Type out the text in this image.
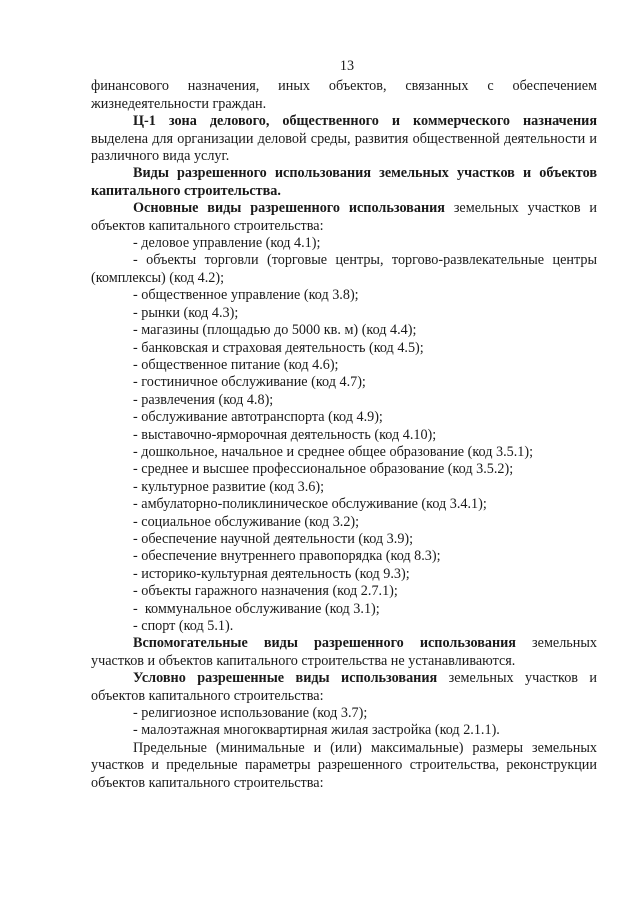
13

финансового назначения, иных объектов, связанных с обеспечением

жизнедеятельности граждан.

Ц-1 зона делового, общественного и коммерческого назначения выделена для организации деловой среды, развития общественной деятельности и различного вида услуг.

Виды разрешенного использования земельных участков и объектов капитального строительства.

Основные виды разрешенного использования земельных участков и объектов капитального строительства:

- деловое управление (код 4.1);

- объекты торговли (торговые центры, торгово-развлекательные центры (комплексы) (код 4.2);

- общественное управление (код 3.8);

- рынки (код 4.3);

- магазины (площадью до 5000 кв. м) (код 4.4);

- банковская и страховая деятельность (код 4.5);

- общественное питание (код 4.6);

- гостиничное обслуживание (код 4.7);

- развлечения (код 4.8);

- обслуживание автотранспорта (код 4.9);

- выставочно-ярморочная деятельность (код 4.10);

- дошкольное, начальное и среднее общее образование (код 3.5.1);

- среднее и высшее профессиональное образование (код 3.5.2);

- культурное развитие (код 3.6);

- амбулаторно-поликлиническое обслуживание (код 3.4.1);

- социальное обслуживание (код 3.2);

- обеспечение научной деятельности (код 3.9);

- обеспечение внутреннего правопорядка (код 8.3);

- историко-культурная деятельность (код 9.3);

- объекты гаражного назначения (код 2.7.1);

-  коммунальное обслуживание (код 3.1);

- спорт (код 5.1).

Вспомогательные виды разрешенного использования земельных участков и объектов капитального строительства не устанавливаются.

Условно разрешенные виды использования земельных участков и объектов капитального строительства:

- религиозное использование (код 3.7);

- малоэтажная многоквартирная жилая застройка (код 2.1.1).

Предельные (минимальные и (или) максимальные) размеры земельных участков и предельные параметры разрешенного строительства, реконструкции объектов капитального строительства:
